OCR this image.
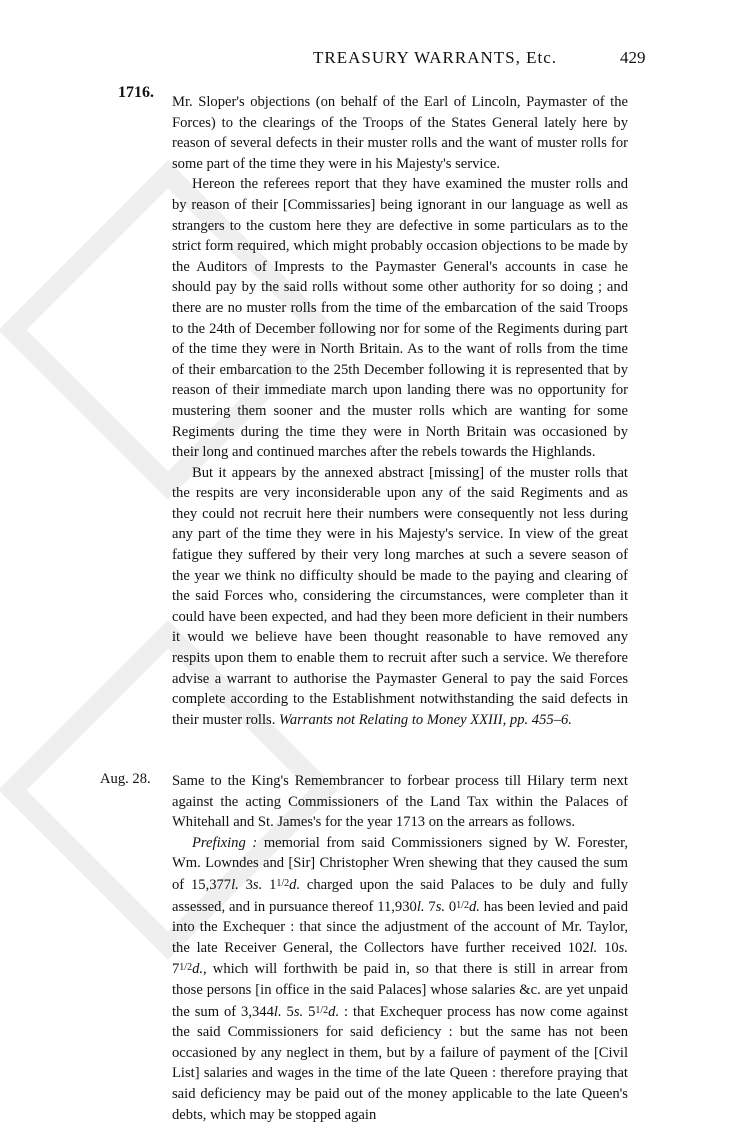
TREASURY WARRANTS, Etc.	429
1716.

Mr. Sloper's objections (on behalf of the Earl of Lincoln, Paymaster of the Forces) to the clearings of the Troops of the States General lately here by reason of several defects in their muster rolls and the want of muster rolls for some part of the time they were in his Majesty's service.

Hereon the referees report that they have examined the muster rolls and by reason of their [Commissaries] being ignorant in our language as well as strangers to the custom here they are defective in some particulars as to the strict form required, which might probably occasion objections to be made by the Auditors of Imprests to the Paymaster General's accounts in case he should pay by the said rolls without some other authority for so doing ; and there are no muster rolls from the time of the embarcation of the said Troops to the 24th of December following nor for some of the Regiments during part of the time they were in North Britain. As to the want of rolls from the time of their embarcation to the 25th December following it is represented that by reason of their immediate march upon landing there was no opportunity for mustering them sooner and the muster rolls which are wanting for some Regiments during the time they were in North Britain was occasioned by their long and continued marches after the rebels towards the Highlands.

But it appears by the annexed abstract [missing] of the muster rolls that the respits are very inconsiderable upon any of the said Regiments and as they could not recruit here their numbers were consequently not less during any part of the time they were in his Majesty's service. In view of the great fatigue they suffered by their very long marches at such a severe season of the year we think no difficulty should be made to the paying and clearing of the said Forces who, considering the circumstances, were completer than it could have been expected, and had they been more deficient in their numbers it would we believe have been thought reasonable to have removed any respits upon them to enable them to recruit after such a service. We therefore advise a warrant to authorise the Paymaster General to pay the said Forces complete according to the Establishment notwithstanding the said defects in their muster rolls. Warrants not Relating to Money XXIII, pp. 455–6.

Aug. 28. Same to the King's Remembrancer to forbear process till Hilary term next against the acting Commissioners of the Land Tax within the Palaces of Whitehall and St. James's for the year 1713 on the arrears as follows.

Prefixing : memorial from said Commissioners signed by W. Forester, Wm. Lowndes and [Sir] Christopher Wren shewing that they caused the sum of 15,377l. 3s. $1^{1/2}d$. charged upon the said Palaces to be duly and fully assessed, and in pursuance thereof 11,930l. 7s. $0^{1/2}d$. has been levied and paid into the Exchequer : that since the adjustment of the account of Mr. Taylor, the late Receiver General, the Collectors have further received 102l. 10s. $7^{1/2}d$., which will forthwith be paid in, so that there is still in arrear from those persons [in office in the said Palaces] whose salaries &c. are yet unpaid the sum of 3,344l. 5s. $5^{1/2}d$. : that Exchequer process has now come against the said Commissioners for said deficiency : but the same has not been occasioned by any neglect in them, but by a failure of payment of the [Civil List] salaries and wages in the time of the late Queen : therefore praying that said deficiency may be paid out of the money applicable to the late Queen's debts, which may be stopped again
